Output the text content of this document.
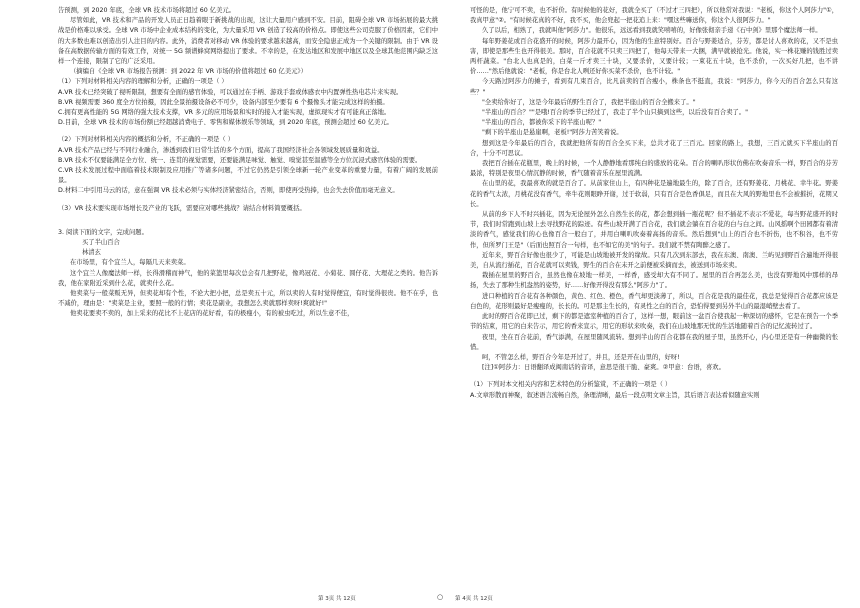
告预测，到 2020 年底，全球 VR 技术市场将超过 60 亿美元。
尽管如此，VR 技术和产品的开发人员正日趋着眼于新挑战的出现，这让大量用户感到不安。目前，阻碍全球 VR 市场拓展的最大挑战是价格难以承受。全球 VR 市场中企业成本结构的变化，为大量采用 VR 创造了较高的价格点。即使这些公司克服了价格因素，它们中的大多数也难以创造出引人注目的内容。此外，消费者对移动 VR 体验的要求越来越高，而安全隐患正成为一个关键的限制。由于 VR 设备在高数据传输方面的有效工作，对统一 5G 频谱蜂窝网络提出了要求。不幸的是，在发达地区和发展中地区以及全球其他范围内缺乏这样一个连接，限制了它的广泛采用。
（摘编自《全球 VR 市场报告预测：到 2022 年 VR 市场的价值将超过 60 亿美元》）
（1）下列对材料相关内容的理解和分析，正确的一项是（ ）
A.VR 技术已经突破了视听限制，想要有全面的感官体验，可以通过在手柄、游戏手套或体感衣中内置弹性热电芯片来实现。
B.VR 视频需要 360 度全方位拍摄，因此全景拍摄设备必不可少，设备内部至少要有 6 个摄像头才能完成这样的拍摄。
C.拥有更高性能的 5G 网络的强大技术支撑，VR 多元的应用场景和实时的接入才能实现，虚拟现实才有可能真正落地。
D.目前，全球 VR 技术的市场份额已经超越消费电子、零售和媒体娱乐等领域，到 2020 年底，预测会超过 60 亿美元。
（2）下列对材料相关内容的概括和分析，不正确的一项是（ ）
A.VR 技术产品已经与不同行业融合，渗透到我们日常生活的多个方面，提高了我国经济社会各领域发展质量和效益。
B.VR 技术不仅要能满足全方位、统一、连贯的视觉需要，还要能满足味觉、触觉、嗅觉甚至温感等全方位沉浸式感官体验的需要。
C.VR 技术发展过程中面临着技术限制及应用推广等诸多问题，不过它仍然是引领全球新一轮产业变革的重要力量，有着广阔的发展前景。
D.材料二中引用马云的话，意在强调 VR 技术必须与实体经济紧密结合，否则，即使再受热捧，也会失去价值而毫无意义。
（3）VR 技术要实现市场增长及产业的飞跃，需要应对哪些挑战？请结合材料简要概括。
3. 阅读下面的文字，完成问题。
买了半山百合
林清玄
在市场里，有个宜兰人，每隔几天来卖菜。
这个宜兰人像魔法师一样，长得滑稽而神气，他的菜篮里每次总会有几把野花，像鸡冠花、小菊花、圆仔花、大理花之类的。他告诉我，他在家附近采到什么花，就卖什么花。
他卖菜与一般菜贩无异，但卖花却有个性，不论大把小把，总是卖五十元，所以卖的人有时觉得便宜，有时觉得很贵。他不在乎，也不减价，理由是："卖菜是主业，要照一般的行情；卖花是副业，我想怎么卖就那样卖呀!爽就好!"
他卖花要卖不卖的，加上采来的花比不上花店的花好看，有的极瘦小，有的被虫吃过，所以生意不佳，
可怪的是，他宁可不卖，也不折价。有时候他的花好，我就全买了（不过才三四把），所以他常对我说："老板，你这个人阿莎力"①，我真甲意"②。"有时候花真的不好，我不买，他会兜起一把花追上来："嘿这些嘛送你，你这个人很阿莎力。"
久了以后，相熟了，我就叫他"阿莎力"。他很乐，远远看到我就笑嘻嘻的，好像张彻亲手递《石中剑》里那个魔法师一样。
每年野姜花或百合花盛开的时候，阿莎力最开心，因为他的生意特别好。百合与野姜适合，芬芳，都是讨人喜欢的花，又不是虫害，即使是那些生也开得很美。那时，百合花就不只卖三四把了，他每天带来一大捆，满早就被抢光。他说，实一株花赚的钱胜过卖两杆蔬菜。"台北人也真是的，白菜一斤才卖三十块，又要杀价，又要计较；一束花五十块，也不杀价，一次买好几把，也不讲价……"然后他就说："老板，你是台北人咧还好你买菜不杀价，也不计较。"
今天路过阿莎力的摊子，看到有几束百合，比凡前卖的百合瘦小，株条也不挺直，我说："阿莎力，你今天的百合怎么只有这些？"
"全卖给你好了，这是今年最后的野生百合了，我把半座山的百合全搬来了。"
"半座山的百合？""是哦!百合的季节已经过了，我走了半个山只摘到这些，以后没有百合卖了。"
"半座山的百合，都被你采下的半座山呢？"
"剩下的半座山是悬崖啊，老板!"阿莎力苦笑着说。
想到这是今年最后的百合，我就把他所有的百合全买下来，总共才花了三百元。回家的路上，我想，三百元就买下半座山的百合，十分不可思议。
我把百合插在花瓶里，晚上的时候，一个人静静地看那纯白的盛放的花朵。百合的喇叭形状仿佛在吹奏音乐一样，野百合的芬芳最浓，特别是夜里心情沉静的时候，香气随着音乐在屋里流满。
在山里的花，我最喜欢的就是百合了。从前家住山上，有四种花是遍地最生的，除了百合，还有野姜花、月桃花、幸牛花。野姜花的香气太浓，月桃花没有香气，牵牛花则眼睁开谢，过于软弱，只有百合是色香俱足，而且在大风的野地里也不会被摧折，花期又长。
从前的乡下人不时兴插花，因为无论屋外怎么自然生长的花，都会想到插一瓶花呢？但不插花不表示不爱花，每当野花盛开的时节，我们时常跑到山坡上去寻找野花的踪迹。有些山坡开满了百合花，我们就会躺在百合花的白与白之间。山风摇啊个田园都有着清淡的香气，感觉我们的心也像百合一般白了，并用白喇叭吹奏着高扬的音乐。然后想到"山上的百合也不折伤，也不积谷，也不劳作，但所罗门王是"（后面也照百合一句样，也不如它的美"的句子。我们就不禁有陶醉之感了。
近年来，野百合好像也很少了，可能是山坡地被开发的缘故。只有几次到东部去，我在东澳、南澳、兰屿见到野百合遍地开得很美，自从流行插花，百合花就可以卖钱，野生的百合在未开之前便被采摘而去，被送到市场来卖。
栽插在屋里的野百合，虽然也像在坡地一样美，一样香，感受却大有不同了。屋里的百合再怎么美，也没有野地风中那样的昂扬，失去了那种生机盎然的姿势，好……好像开得没有那么"阿莎力"了。
进口种植的百合花有各种颜色，黄色、红色、橙色，香气却更淡薄了，所以，百合花是我的最佳花，我总是觉得百合花都应该是白色的，花形则最好是瘦瘦的，长长的。可是那主生长的，有灵性之白的百合，恐怕得要到另外半山的最湿峭壁去看了。
此时的野百合花即已过，剩下的都是遮室种植的百合了，这样一想，眼前这一盆百合使我起一种深切的感怀，它是在预告一个季节的结束，用它的白来告示，用它的香来宣示，用它的形状来吹奏，我们在山坡地那无忧的生活地随着百合的记忆流转过了。
夜里，坐在百合花前，香气添满，在屋里随风流转。想到半山的百合花都在我的屋子里，虽然开心，内心里还是有一种幽微的怅惜。
呵，不管怎么样，野百合今年是开过了，并且，还是开在山里的，好呀!
[注]①阿莎力：日语翻译成闽南话的音译，意思是很干脆、豪爽。②甲意：台语，喜欢。
（1）下列对本文相关内容和艺术特色的分析鉴赏，不正确的一项是（ ）
A.文章形散而神聚，叙述语言流畅自然，条理清晰，最后一段点明文章主旨，其后语言表达看似随意实则
第 3页 共 12页	○ 第 4页 共 12页
